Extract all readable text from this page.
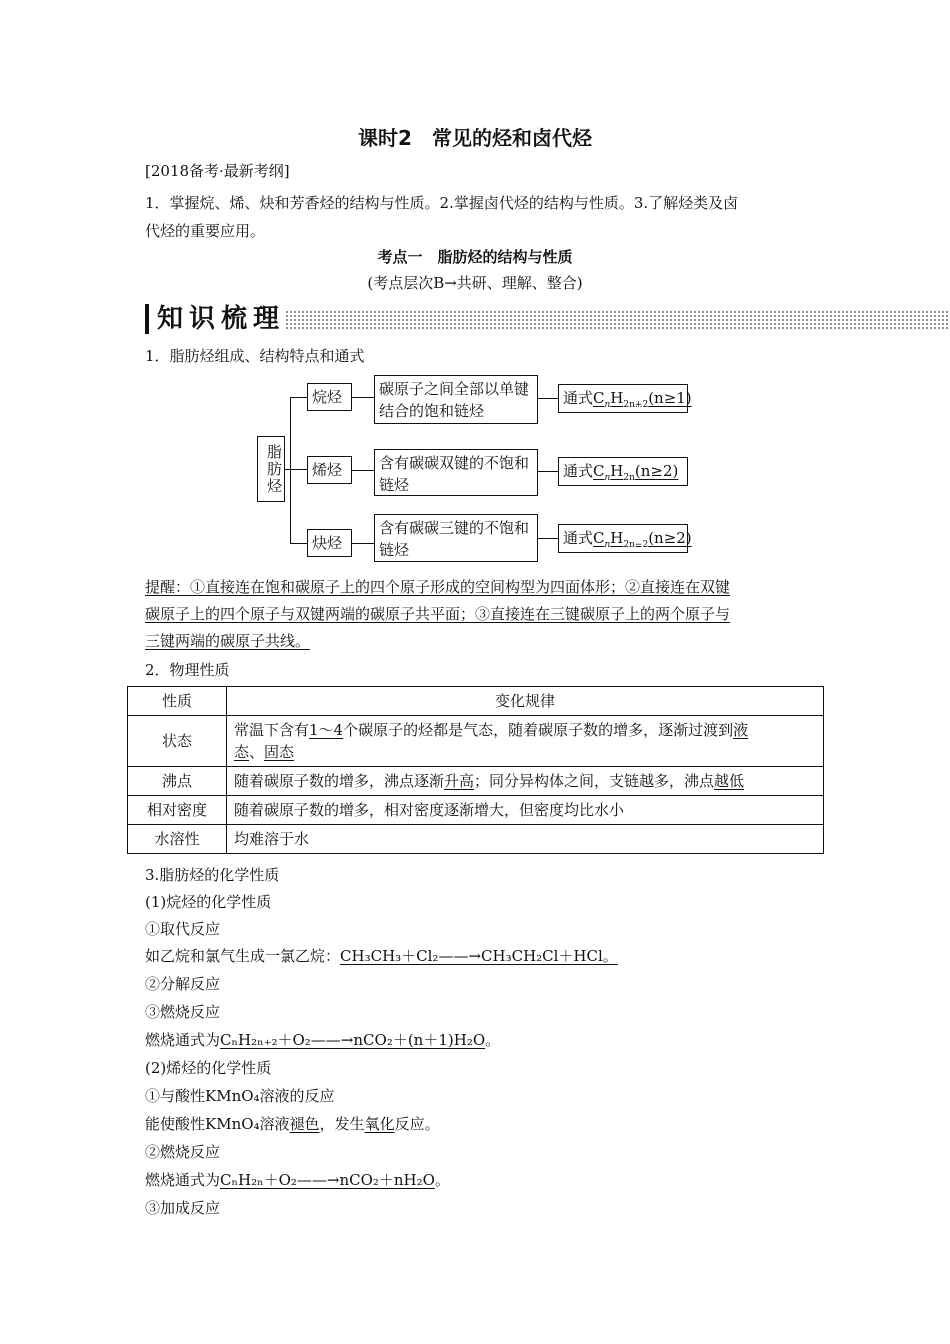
课时2　常见的烃和卤代烃
[2018备考·最新考纲]
1．掌握烷、烯、炔和芳香烃的结构与性质。2.掌握卤代烃的结构与性质。3.了解烃类及卤
代烃的重要应用。
考点一　脂肪烃的结构与性质
(考点层次B→共研、理解、整合)
知识梳理
1．脂肪烃组成、结构特点和通式
脂肪烃
烷烃	碳原子之间全部以单键
结合的饱和链烃
通式$C_nH_{2n+2}(n\ge 1)$
烯烃	含有碳碳双键的不饱和
链烃
通式$C_nH_{2n}(n\ge 2)$
炔烃
含有碳碳三键的不饱和
链烃
通式$C_nH_{2n-2}(n\ge 2)$
提醒：①直接连在饱和碳原子上的四个原子形成的空间构型为四面体形；②直接连在双键
碳原子上的四个原子与双键两端的碳原子共平面；③直接连在三键碳原子上的两个原子与
三键两端的碳原子共线。
2．物理性质
性质	变化规律
状态	常温下含有1～4个碳原子的烃都是气态，随着碳原子数的增多，逐渐过渡到液
态、固态
沸点	随着碳原子数的增多，沸点逐渐升高；同分异构体之间，支链越多，沸点越低
相对密度	随着碳原子数的增多，相对密度逐渐增大，但密度均比水小
水溶性	均难溶于水
3.脂肪烃的化学性质
(1)烷烃的化学性质
①取代反应
如乙烷和氯气生成一氯乙烷：CH₃CH₃＋Cl₂——→CH₃CH₂Cl＋HCl。
②分解反应
③燃烧反应
燃烧通式为CₙH₂ₙ₊₂＋O₂——→nCO₂＋(n＋1)H₂O。
(2)烯烃的化学性质
①与酸性KMnO₄溶液的反应
能使酸性KMnO₄溶液褪色，发生氧化反应。
②燃烧反应
燃烧通式为CₙH₂ₙ＋O₂——→nCO₂＋nH₂O。
③加成反应
